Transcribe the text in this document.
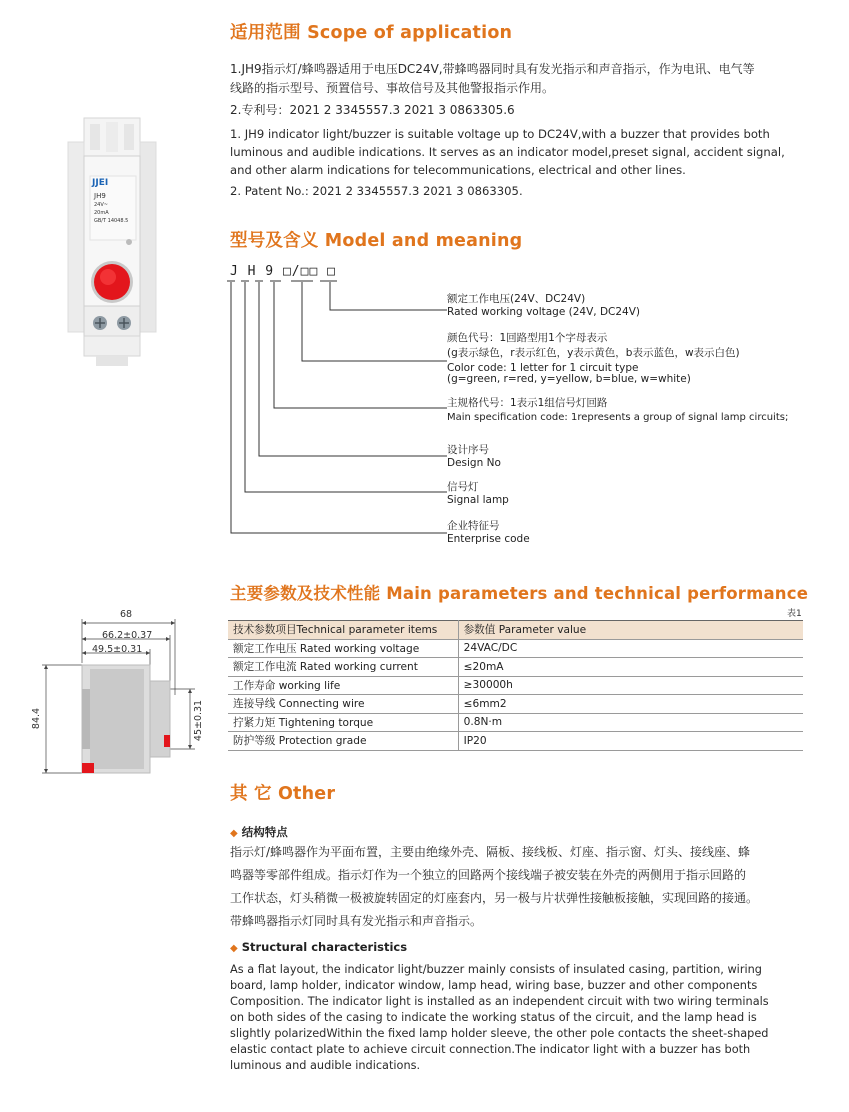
JJEI
JH9
24V~
20mA
GB/T 14048.5
适用范围 Scope of application
1.JH9指示灯/蜂鸣器适用于电压DC24V,带蜂鸣器同时具有发光指示和声音指示，作为电讯、电气等
线路的指示型号、预置信号、事故信号及其他警报指示作用。
2.专利号：2021 2 3345557.3 2021 3 0863305.6
1. JH9 indicator light/buzzer is suitable voltage up to DC24V,with a buzzer that provides both
luminous and audible indications. It serves as an indicator model,preset signal, accident signal,
and other alarm indications for telecommunications, electrical and other lines.
2. Patent No.: 2021 2 3345557.3 2021 3 0863305.
型号及含义 Model and meaning
J H 9 □/□□ □
额定工作电压(24V、DC24V)
Rated working voltage (24V, DC24V)
颜色代号：1回路型用1个字母表示
(g表示绿色，r表示红色，y表示黄色，b表示蓝色，w表示白色)
Color code: 1 letter for 1 circuit type
(g=green, r=red, y=yellow, b=blue, w=white)
主规格代号：1表示1组信号灯回路
Main specification code: 1represents a group of signal lamp circuits;
设计序号
Design No
信号灯
Signal lamp
企业特征号
Enterprise code
主要参数及技术性能 Main parameters and technical performance
表1
技术参数项目Technical parameter items	参数值 Parameter value
额定工作电压 Rated working voltage	24VAC/DC
额定工作电流 Rated working current	≤20mA
工作寿命 working life	≥30000h
连接导线 Connecting wire	≤6mm2
拧紧力矩 Tightening torque	0.8N·m
防护等级 Protection grade	IP20
68
66.2±0.37
49.5±0.31
84.4	45±0.31
其 它 Other
◆ 结构特点
指示灯/蜂鸣器作为平面布置，主要由绝缘外壳、隔板、接线板、灯座、指示窗、灯头、接线座、蜂
鸣器等零部件组成。指示灯作为一个独立的回路两个接线端子被安装在外壳的两侧用于指示回路的
工作状态，灯头稍微一极被旋转固定的灯座套内，另一极与片状弹性接触板接触，实现回路的接通。
带蜂鸣器指示灯同时具有发光指示和声音指示。
◆ Structural characteristics
As a flat layout, the indicator light/buzzer mainly consists of insulated casing, partition, wiring
board, lamp holder, indicator window, lamp head, wiring base, buzzer and other components
Composition. The indicator light is installed as an independent circuit with two wiring terminals
on both sides of the casing to indicate the working status of the circuit, and the lamp head is
slightly polarizedWithin the fixed lamp holder sleeve, the other pole contacts the sheet-shaped
elastic contact plate to achieve circuit connection.The indicator light with a buzzer has both
luminous and audible indications.
